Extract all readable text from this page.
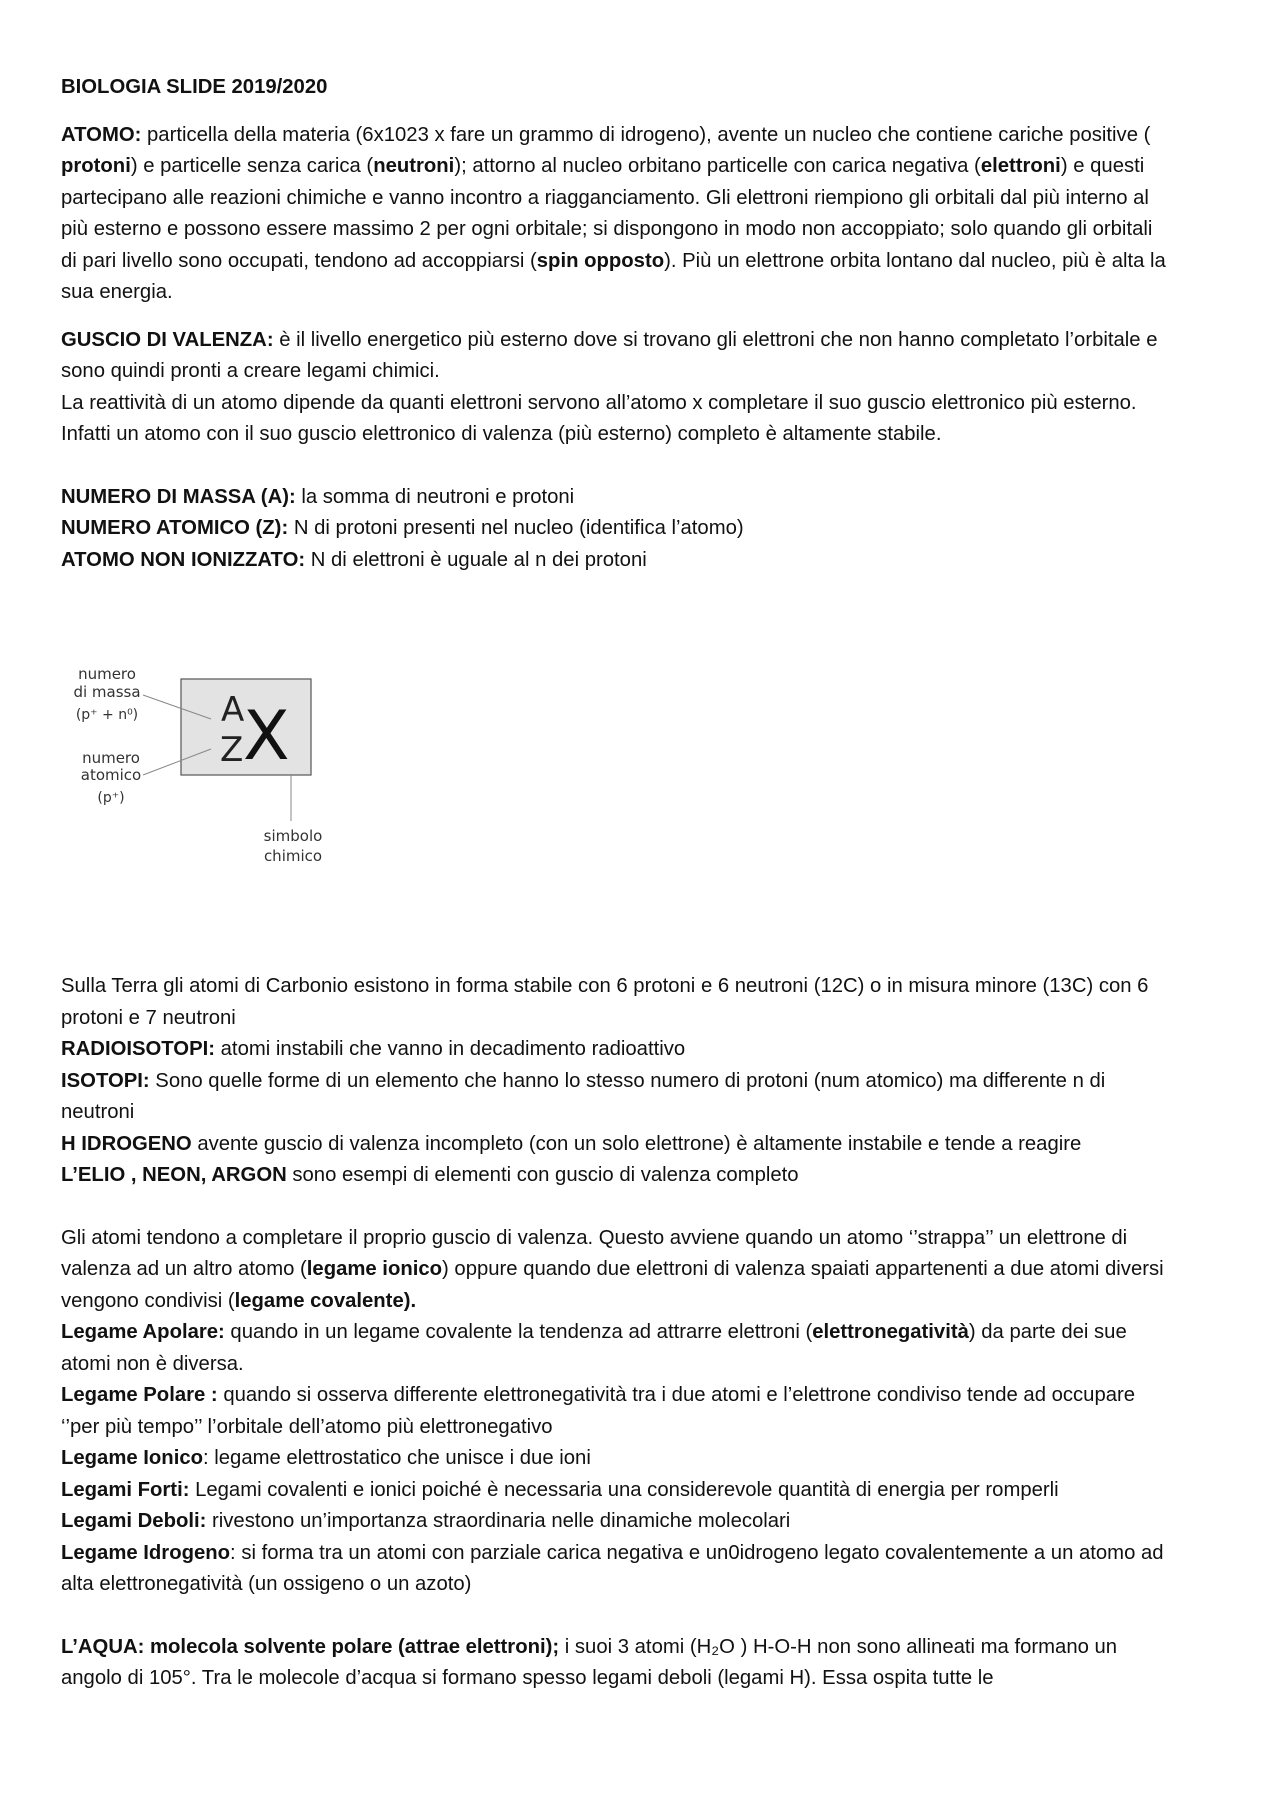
BIOLOGIA SLIDE 2019/2020

ATOMO: particella della materia (6x1023 x fare un grammo di idrogeno), avente un nucleo che contiene cariche positive ( protoni) e particelle senza carica (neutroni); attorno al nucleo orbitano particelle con carica negativa (elettroni) e questi partecipano alle reazioni chimiche e vanno incontro a riagganciamento. Gli elettroni riempiono gli orbitali dal più interno al più esterno e possono essere massimo 2 per ogni orbitale; si dispongono in modo non accoppiato; solo quando gli orbitali di pari livello sono occupati, tendono ad accoppiarsi (spin opposto). Più un elettrone orbita lontano dal nucleo, più è alta la sua energia.

GUSCIO DI VALENZA: è il livello energetico più esterno dove si trovano gli elettroni che non hanno completato l’orbitale e sono quindi pronti a creare legami chimici.

La reattività di un atomo dipende da quanti elettroni servono all’atomo x completare il suo guscio elettronico più esterno. Infatti un atomo con il suo guscio elettronico di valenza (più esterno) completo è altamente stabile.

NUMERO DI MASSA (A): la somma di neutroni e protoni

NUMERO ATOMICO (Z): N di protoni presenti nel nucleo (identifica l’atomo)

ATOMO NON IONIZZATO: N di elettroni è uguale al n dei protoni

A
Z X
numero
di massa
(p⁺ + n⁰)
numero
atomico
(p⁺)
simbolo
chimico

Sulla Terra gli atomi di Carbonio esistono in forma stabile con 6 protoni e 6 neutroni (12C) o in misura minore (13C) con 6 protoni e 7 neutroni

RADIOISOTOPI: atomi instabili che vanno in decadimento radioattivo

ISOTOPI: Sono quelle forme di un elemento che hanno lo stesso numero di protoni (num atomico) ma differente n di neutroni

H IDROGENO avente guscio di valenza incompleto (con un solo elettrone) è altamente instabile e tende a reagire

L’ELIO , NEON, ARGON sono esempi di elementi con guscio di valenza completo

Gli atomi tendono a completare il proprio guscio di valenza. Questo avviene quando un atomo ‘’strappa’’ un elettrone di valenza ad un altro atomo (legame ionico) oppure quando due elettroni di valenza spaiati appartenenti a due atomi diversi vengono condivisi (legame covalente).

Legame Apolare: quando in un legame covalente la tendenza ad attrarre elettroni (elettronegatività) da parte dei sue atomi non è diversa.

Legame Polare : quando si osserva differente elettronegatività tra i due atomi e l’elettrone condiviso tende ad occupare ‘’per più tempo’’ l’orbitale dell’atomo più elettronegativo

Legame Ionico: legame elettrostatico che unisce i due ioni

Legami Forti: Legami covalenti e ionici poiché è necessaria una considerevole quantità di energia per romperli

Legami Deboli: rivestono un’importanza straordinaria nelle dinamiche molecolari

Legame Idrogeno: si forma tra un atomi con parziale carica negativa e un0idrogeno legato covalentemente a un atomo ad alta elettronegatività (un ossigeno o un azoto)

L’AQUA: molecola solvente polare (attrae elettroni); i suoi 3 atomi (H₂O ) H-O-H non sono allineati ma formano un angolo di 105°. Tra le molecole d’acqua si formano spesso legami deboli (legami H). Essa ospita tutte le
